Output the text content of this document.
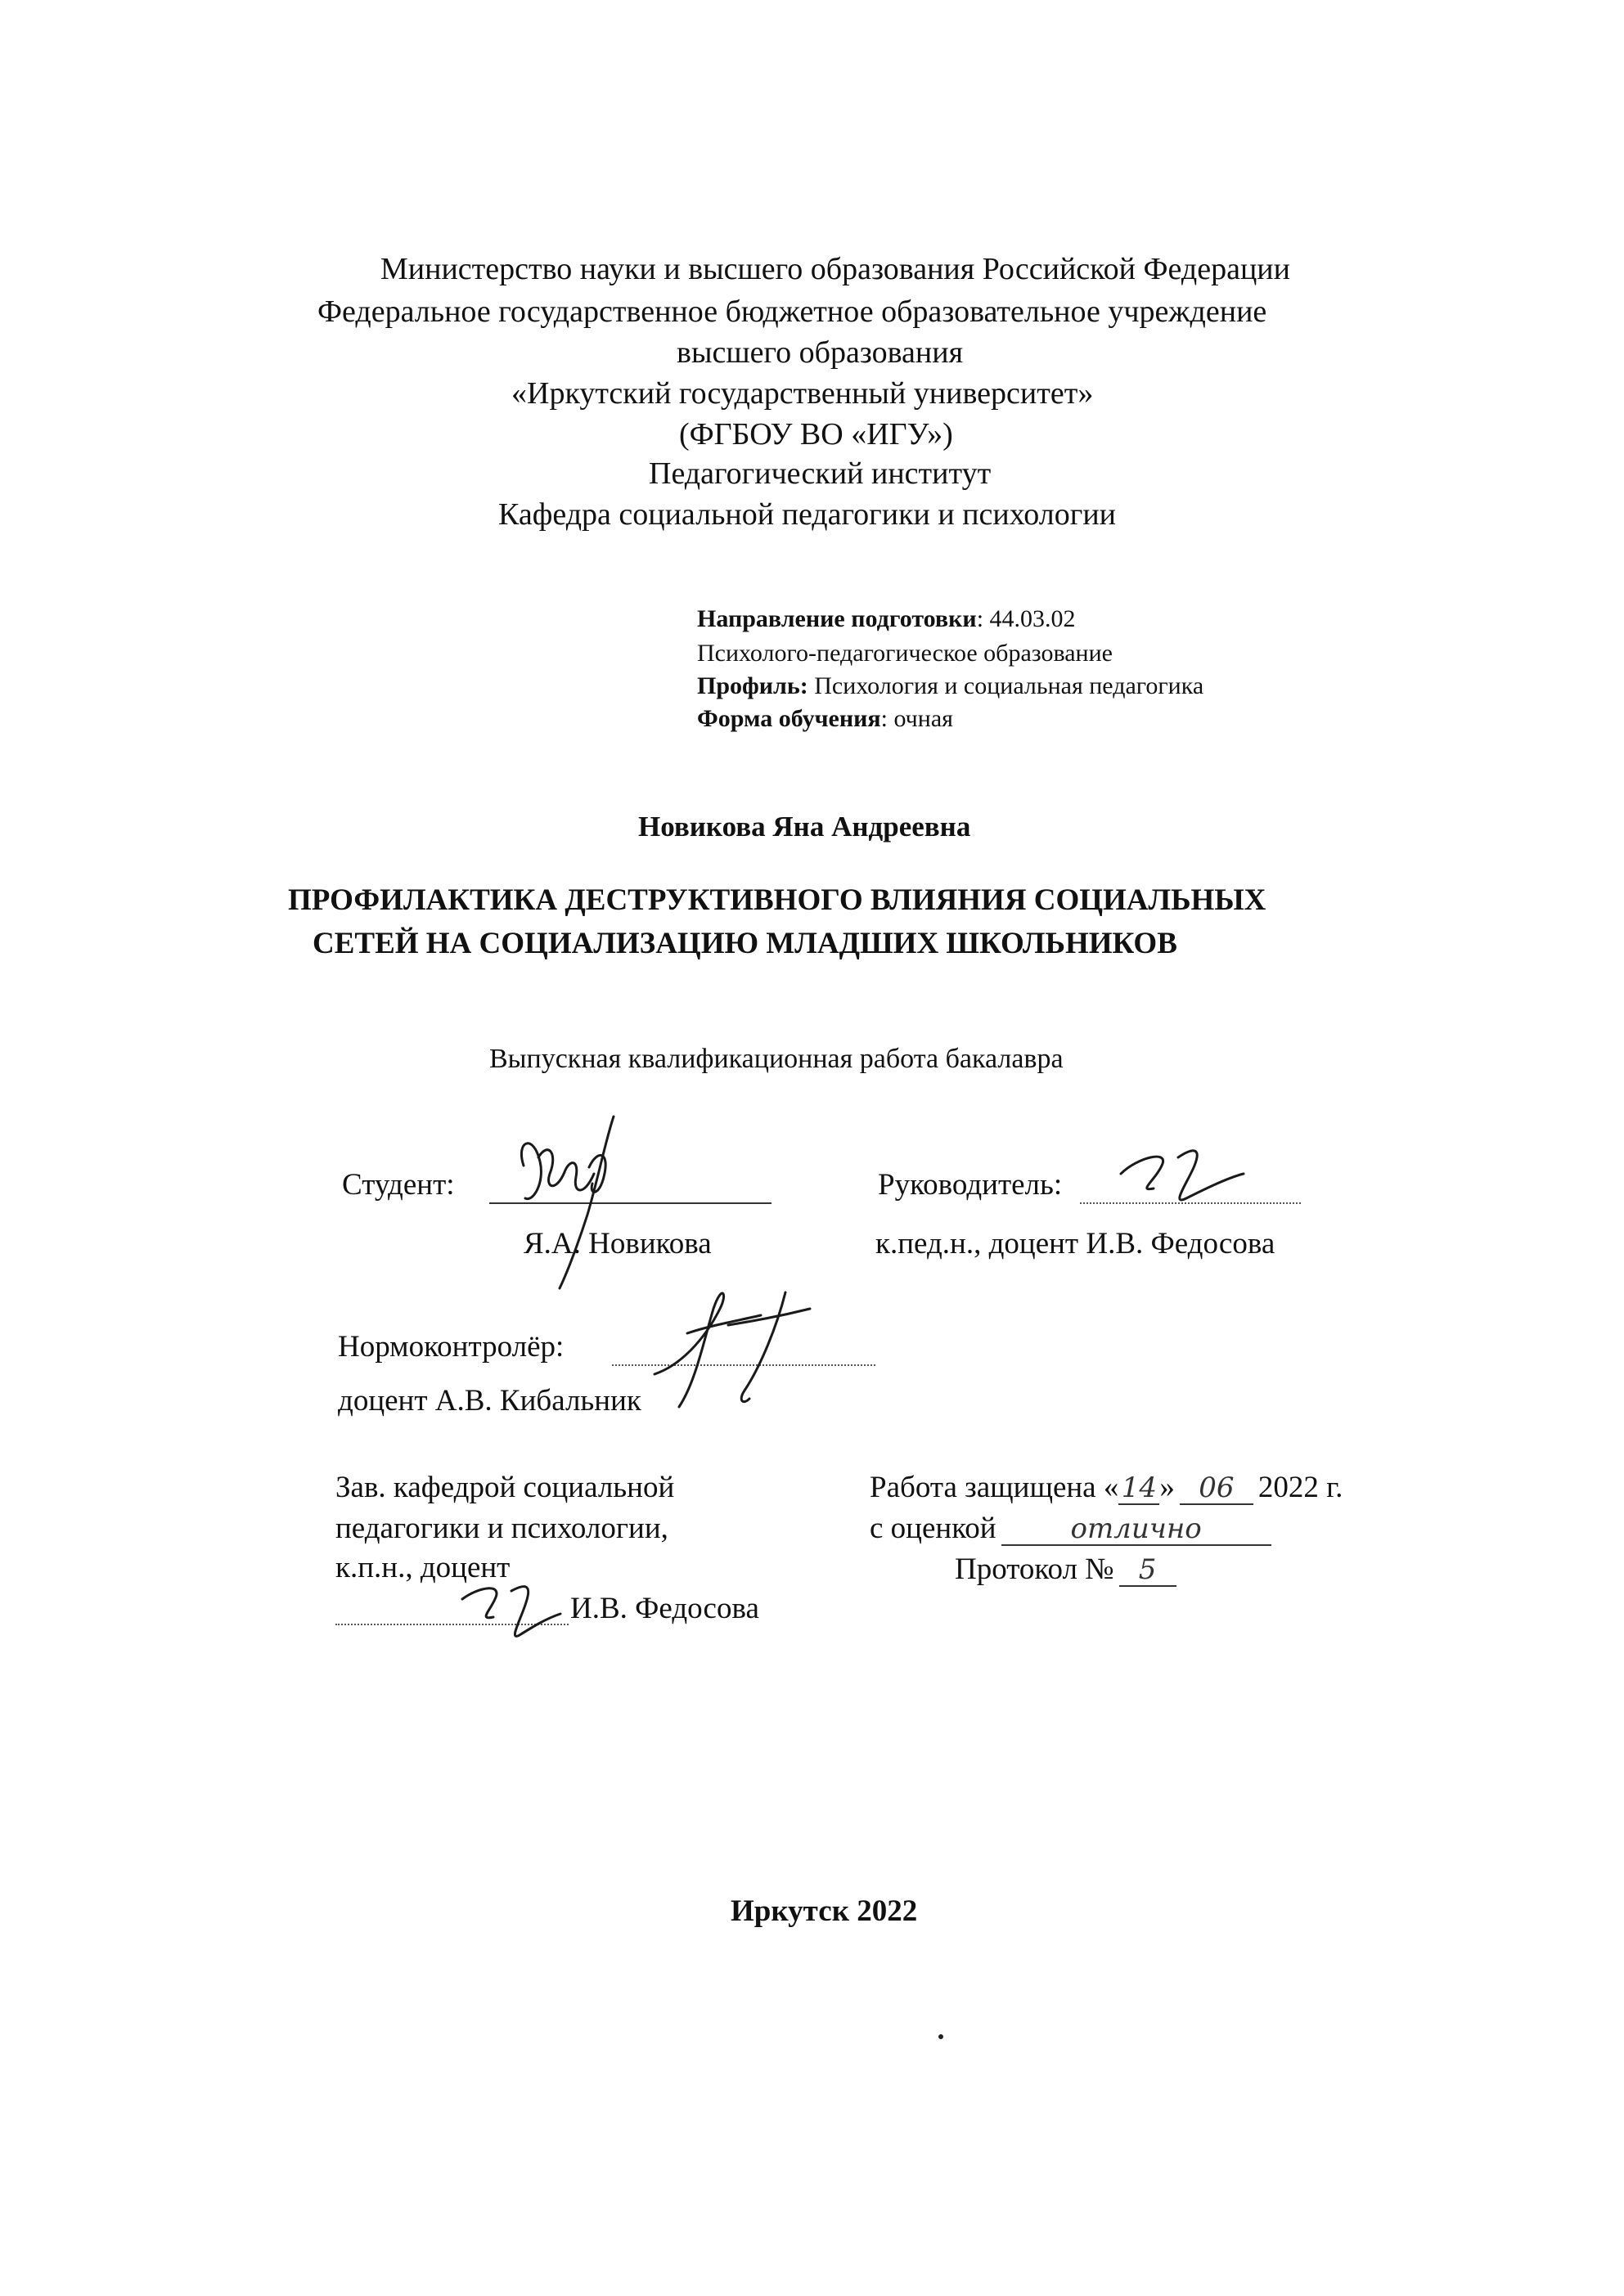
Министерство науки и высшего образования Российской Федерации
Федеральное государственное бюджетное образовательное учреждение
высшего образования
«Иркутский государственный университет»
(ФГБОУ ВО «ИГУ»)
Педагогический институт
Кафедра социальной педагогики и психологии
Направление подготовки: 44.03.02
Психолого-педагогическое образование
Профиль: Психология и социальная педагогика
Форма обучения: очная
Новикова Яна Андреевна
ПРОФИЛАКТИКА ДЕСТРУКТИВНОГО ВЛИЯНИЯ СОЦИАЛЬНЫХ
СЕТЕЙ НА СОЦИАЛИЗАЦИЮ МЛАДШИХ ШКОЛЬНИКОВ
Выпускная квалификационная работа бакалавра
Студент:
Я.А. Новикова
Руководитель:
к.пед.н., доцент И.В. Федосова
Нормоконтролёр:
доцент А.В. Кибальник
Зав. кафедрой социальной
педагогики и психологии,
к.п.н., доцент
И.В. Федосова
Работа защищена «14» 06 2022 г.
с оценкой	отлично
Протокол № 5
Иркутск 2022
